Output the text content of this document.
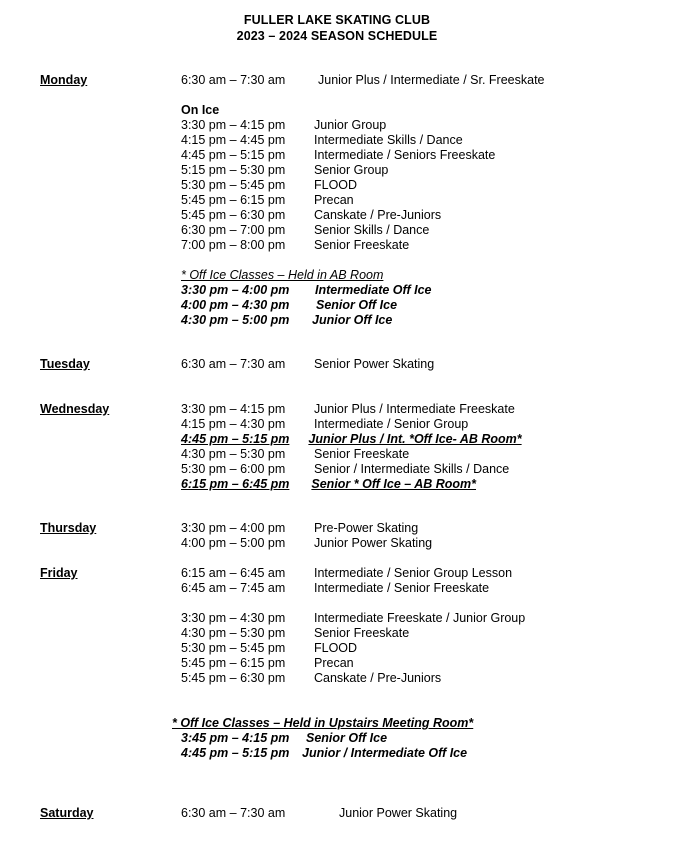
FULLER LAKE SKATING CLUB
2023 – 2024 SEASON SCHEDULE
Monday	6:30 am – 7:30 am	Junior Plus / Intermediate / Sr. Freeskate
On Ice
3:30 pm – 4:15 pm Junior Group
4:15 pm – 4:45 pm Intermediate Skills / Dance
4:45 pm – 5:15 pm Intermediate / Seniors Freeskate
5:15 pm – 5:30 pm Senior Group
5:30 pm – 5:45 pm FLOOD
5:45 pm – 6:15 pm Precan
5:45 pm – 6:30 pm Canskate / Pre-Juniors
6:30 pm – 7:00 pm Senior Skills / Dance
7:00 pm – 8:00 pm Senior Freeskate
* Off Ice Classes – Held in AB Room
3:30 pm – 4:00 pm Intermediate Off Ice
4:00 pm – 4:30 pm Senior Off Ice
4:30 pm – 5:00 pm Junior Off Ice
Tuesday	6:30 am – 7:30 am Senior Power Skating
Wednesday	3:30 pm – 4:15 pm Junior Plus / Intermediate Freeskate
4:15 pm – 4:30 pm Intermediate / Senior Group
4:45 pm – 5:15 pm Junior Plus / Int. *Off Ice- AB Room*
4:30 pm – 5:30 pm Senior Freeskate
5:30 pm – 6:00 pm Senior / Intermediate Skills / Dance
6:15 pm – 6:45 pm Senior * Off Ice – AB Room*
Thursday	3:30 pm – 4:00 pm Pre-Power Skating
4:00 pm – 5:00 pm Junior Power Skating
Friday	6:15 am – 6:45 am Intermediate / Senior Group Lesson
6:45 am – 7:45 am Intermediate / Senior Freeskate
3:30 pm – 4:30 pm Intermediate Freeskate / Junior Group
4:30 pm – 5:30 pm Senior Freeskate
5:30 pm – 5:45 pm FLOOD
5:45 pm – 6:15 pm Precan
5:45 pm – 6:30 pm Canskate / Pre-Juniors
* Off Ice Classes – Held in Upstairs Meeting Room*
3:45 pm – 4:15 pm Senior Off Ice
4:45 pm – 5:15 pm Junior / Intermediate Off Ice
Saturday	6:30 am – 7:30 am	Junior Power Skating
